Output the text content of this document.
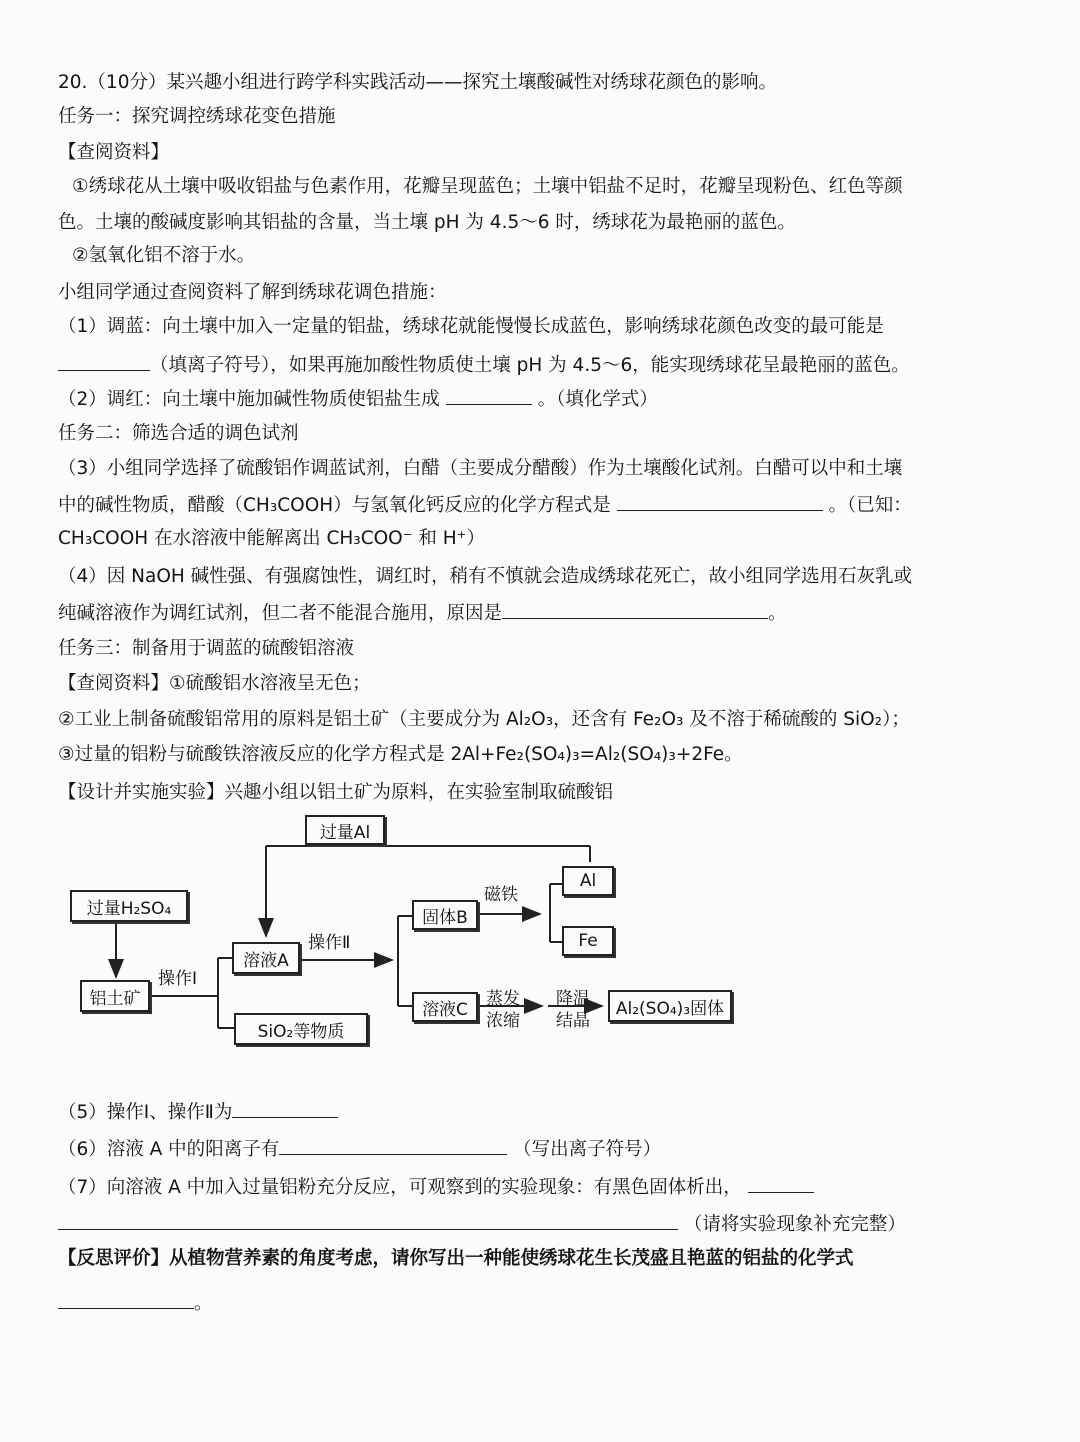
20.（10分）某兴趣小组进行跨学科实践活动——探究土壤酸碱性对绣球花颜色的影响。
任务一：探究调控绣球花变色措施
【查阅资料】
①绣球花从土壤中吸收铝盐与色素作用，花瓣呈现蓝色；土壤中铝盐不足时，花瓣呈现粉色、红色等颜
色。土壤的酸碱度影响其铝盐的含量，当土壤 pH 为 4.5～6 时，绣球花为最艳丽的蓝色。
②氢氧化铝不溶于水。
小组同学通过查阅资料了解到绣球花调色措施：
（1）调蓝：向土壤中加入一定量的铝盐，绣球花就能慢慢长成蓝色，影响绣球花颜色改变的最可能是
（填离子符号），如果再施加酸性物质使土壤 pH 为 4.5～6，能实现绣球花呈最艳丽的蓝色。
（2）调红：向土壤中施加碱性物质使铝盐生成	。（填化学式）
任务二：筛选合适的调色试剂
（3）小组同学选择了硫酸铝作调蓝试剂，白醋（主要成分醋酸）作为土壤酸化试剂。白醋可以中和土壤
中的碱性物质，醋酸（CH₃COOH）与氢氧化钙反应的化学方程式是	。（已知：
CH₃COOH 在水溶液中能解离出 CH₃COO⁻ 和 H⁺）
（4）因 NaOH 碱性强、有强腐蚀性，调红时，稍有不慎就会造成绣球花死亡，故小组同学选用石灰乳或
纯碱溶液作为调红试剂，但二者不能混合施用，原因是	。
任务三：制备用于调蓝的硫酸铝溶液
【查阅资料】①硫酸铝水溶液呈无色；
②工业上制备硫酸铝常用的原料是铝土矿（主要成分为 Al₂O₃，还含有 Fe₂O₃ 及不溶于稀硫酸的 SiO₂）；
③过量的铝粉与硫酸铁溶液反应的化学方程式是 2Al+Fe₂(SO₄)₃=Al₂(SO₄)₃+2Fe。
【设计并实施实验】兴趣小组以铝土矿为原料，在实验室制取硫酸铝
过量Al
过量H₂SO₄
铝土矿
操作I
溶液A
操作Ⅱ
SiO₂等物质
固体B
磁铁
Al
Fe
溶液C
蒸发
浓缩
降温
结晶
Al₂(SO₄)₃固体
（5）操作Ⅰ、操作Ⅱ为
（6）溶液 A 中的阳离子有	（写出离子符号）
（7）向溶液 A 中加入过量铝粉充分反应，可观察到的实验现象：有黑色固体析出，
（请将实验现象补充完整）
【反思评价】从植物营养素的角度考虑，请你写出一种能使绣球花生长茂盛且艳蓝的铝盐的化学式
。
